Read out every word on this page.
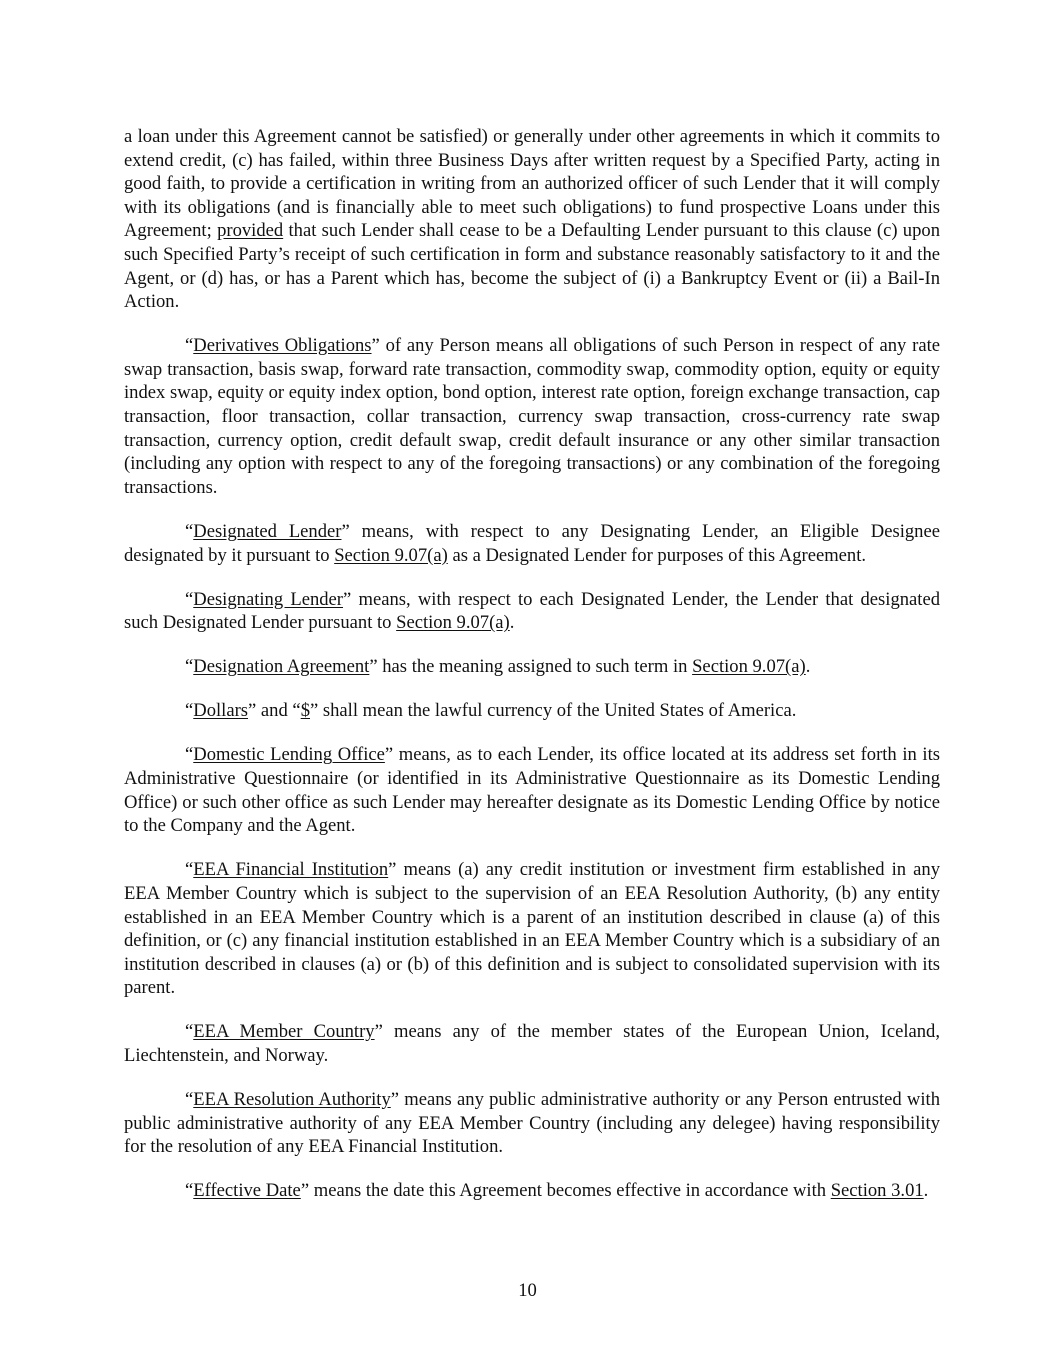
a loan under this Agreement cannot be satisfied) or generally under other agreements in which it commits to extend credit, (c) has failed, within three Business Days after written request by a Specified Party, acting in good faith, to provide a certification in writing from an authorized officer of such Lender that it will comply with its obligations (and is financially able to meet such obligations) to fund prospective Loans under this Agreement; provided that such Lender shall cease to be a Defaulting Lender pursuant to this clause (c) upon such Specified Party’s receipt of such certification in form and substance reasonably satisfactory to it and the Agent, or (d) has, or has a Parent which has, become the subject of (i) a Bankruptcy Event or (ii) a Bail-In Action.

“Derivatives Obligations” of any Person means all obligations of such Person in respect of any rate swap transaction, basis swap, forward rate transaction, commodity swap, commodity option, equity or equity index swap, equity or equity index option, bond option, interest rate option, foreign exchange transaction, cap transaction, floor transaction, collar transaction, currency swap transaction, cross-currency rate swap transaction, currency option, credit default swap, credit default insurance or any other similar transaction (including any option with respect to any of the foregoing transactions) or any combination of the foregoing transactions.

“Designated Lender” means, with respect to any Designating Lender, an Eligible Designee designated by it pursuant to Section 9.07(a) as a Designated Lender for purposes of this Agreement.

“Designating Lender” means, with respect to each Designated Lender, the Lender that designated such Designated Lender pursuant to Section 9.07(a).

“Designation Agreement” has the meaning assigned to such term in Section 9.07(a).

“Dollars” and “$” shall mean the lawful currency of the United States of America.

“Domestic Lending Office” means, as to each Lender, its office located at its address set forth in its Administrative Questionnaire (or identified in its Administrative Questionnaire as its Domestic Lending Office) or such other office as such Lender may hereafter designate as its Domestic Lending Office by notice to the Company and the Agent.

“EEA Financial Institution” means (a) any credit institution or investment firm established in any EEA Member Country which is subject to the supervision of an EEA Resolution Authority, (b) any entity established in an EEA Member Country which is a parent of an institution described in clause (a) of this definition, or (c) any financial institution established in an EEA Member Country which is a subsidiary of an institution described in clauses (a) or (b) of this definition and is subject to consolidated supervision with its parent.

“EEA Member Country” means any of the member states of the European Union, Iceland, Liechtenstein, and Norway.

“EEA Resolution Authority” means any public administrative authority or any Person entrusted with public administrative authority of any EEA Member Country (including any delegee) having responsibility for the resolution of any EEA Financial Institution.

“Effective Date” means the date this Agreement becomes effective in accordance with Section 3.01.

10
